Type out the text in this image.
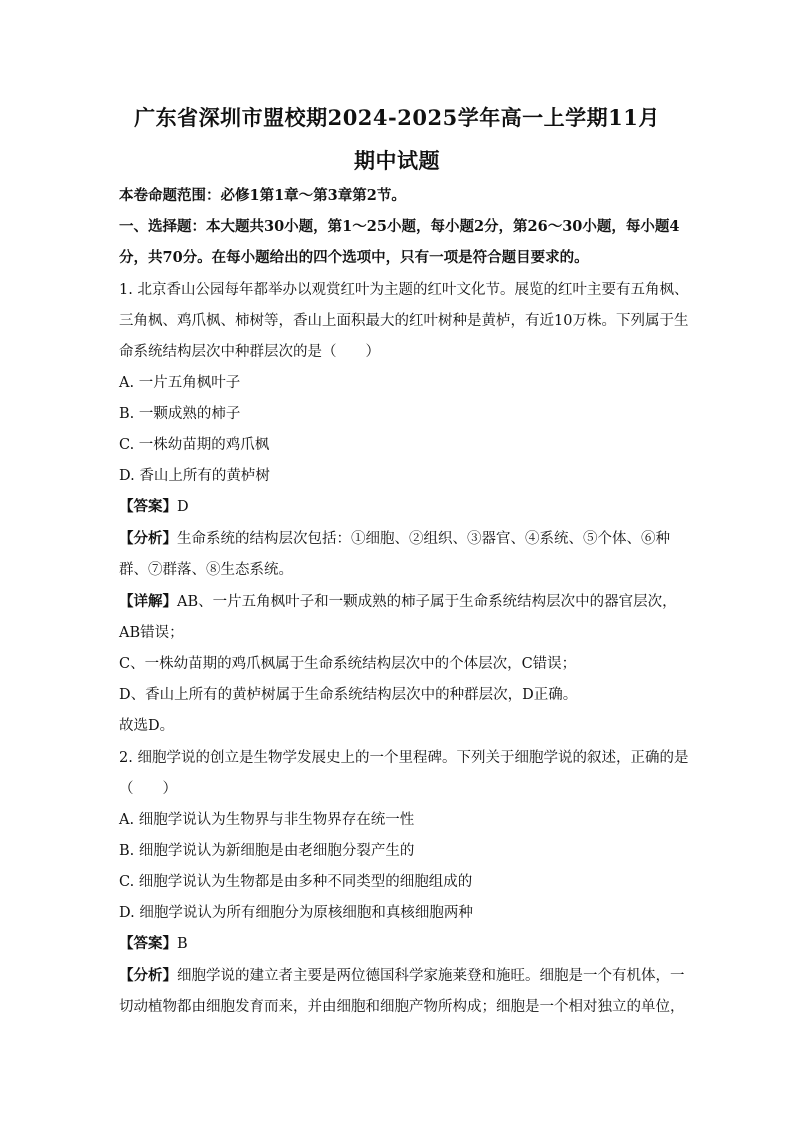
广东省深圳市盟校期2024-2025学年高一上学期11月
期中试题
本卷命题范围：必修1第1章～第3章第2节。
一、选择题：本大题共30小题，第1～25小题，每小题2分，第26～30小题，每小题4
分，共70分。在每小题给出的四个选项中，只有一项是符合题目要求的。
1. 北京香山公园每年都举办以观赏红叶为主题的红叶文化节。展览的红叶主要有五角枫、
三角枫、鸡爪枫、柿树等，香山上面积最大的红叶树种是黄栌，有近10万株。下列属于生
命系统结构层次中种群层次的是（　　）
A. 一片五角枫叶子
B. 一颗成熟的柿子
C. 一株幼苗期的鸡爪枫
D. 香山上所有的黄栌树
【答案】D
【分析】生命系统的结构层次包括：①细胞、②组织、③器官、④系统、⑤个体、⑥种
群、⑦群落、⑧生态系统。
【详解】AB、一片五角枫叶子和一颗成熟的柿子属于生命系统结构层次中的器官层次，
AB错误；
C、一株幼苗期的鸡爪枫属于生命系统结构层次中的个体层次，C错误；
D、香山上所有的黄栌树属于生命系统结构层次中的种群层次，D正确。
故选D。
2. 细胞学说的创立是生物学发展史上的一个里程碑。下列关于细胞学说的叙述，正确的是
（　　）
A. 细胞学说认为生物界与非生物界存在统一性
B. 细胞学说认为新细胞是由老细胞分裂产生的
C. 细胞学说认为生物都是由多种不同类型的细胞组成的
D. 细胞学说认为所有细胞分为原核细胞和真核细胞两种
【答案】B
【分析】细胞学说的建立者主要是两位德国科学家施莱登和施旺。细胞是一个有机体，一
切动植物都由细胞发育而来，并由细胞和细胞产物所构成；细胞是一个相对独立的单位，
